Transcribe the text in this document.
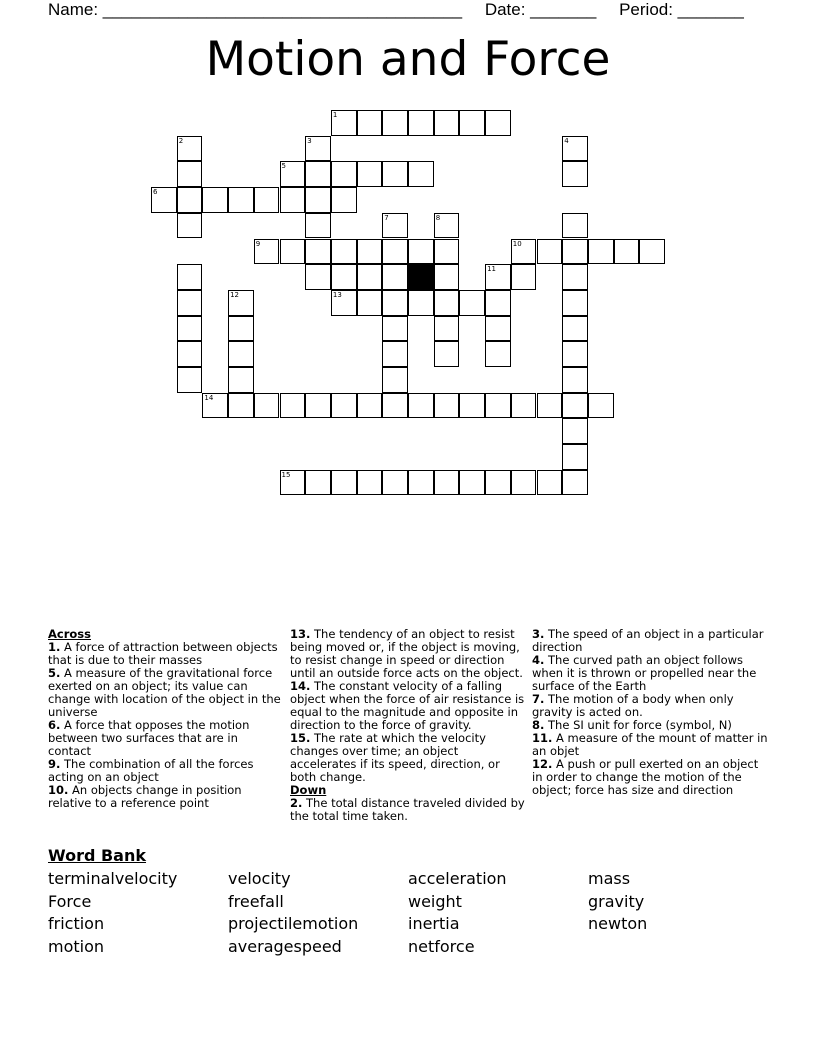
Name: ______________________________________ Date: _______ Period: _______
Motion and Force
1
2	3	4
5
6
7	8
9	10
11
12	13
14
15
Across
1. A force of attraction between objects that is due to their masses
5. A measure of the gravitational force exerted on an object; its value can change with location of the object in the universe
6. A force that opposes the motion between two surfaces that are in contact
9. The combination of all the forces acting on an object
10. An objects change in position relative to a reference point
13. The tendency of an object to resist being moved or, if the object is moving, to resist change in speed or direction until an outside force acts on the object.
14. The constant velocity of a falling object when the force of air resistance is equal to the magnitude and opposite in direction to the force of gravity.
15. The rate at which the velocity changes over time; an object accelerates if its speed, direction, or both change.
Down
2. The total distance traveled divided by the total time taken.
3. The speed of an object in a particular direction
4. The curved path an object follows when it is thrown or propelled near the surface of the Earth
7. The motion of a body when only gravity is acted on.
8. The SI unit for force (symbol, N)
11. A measure of the mount of matter in an objet
12. A push or pull exerted on an object in order to change the motion of the object; force has size and direction
Word Bank
terminalvelocity	velocity	acceleration	mass
Force	freefall	weight	gravity
friction	projectilemotion	inertia	newton
motion	averagespeed	netforce
